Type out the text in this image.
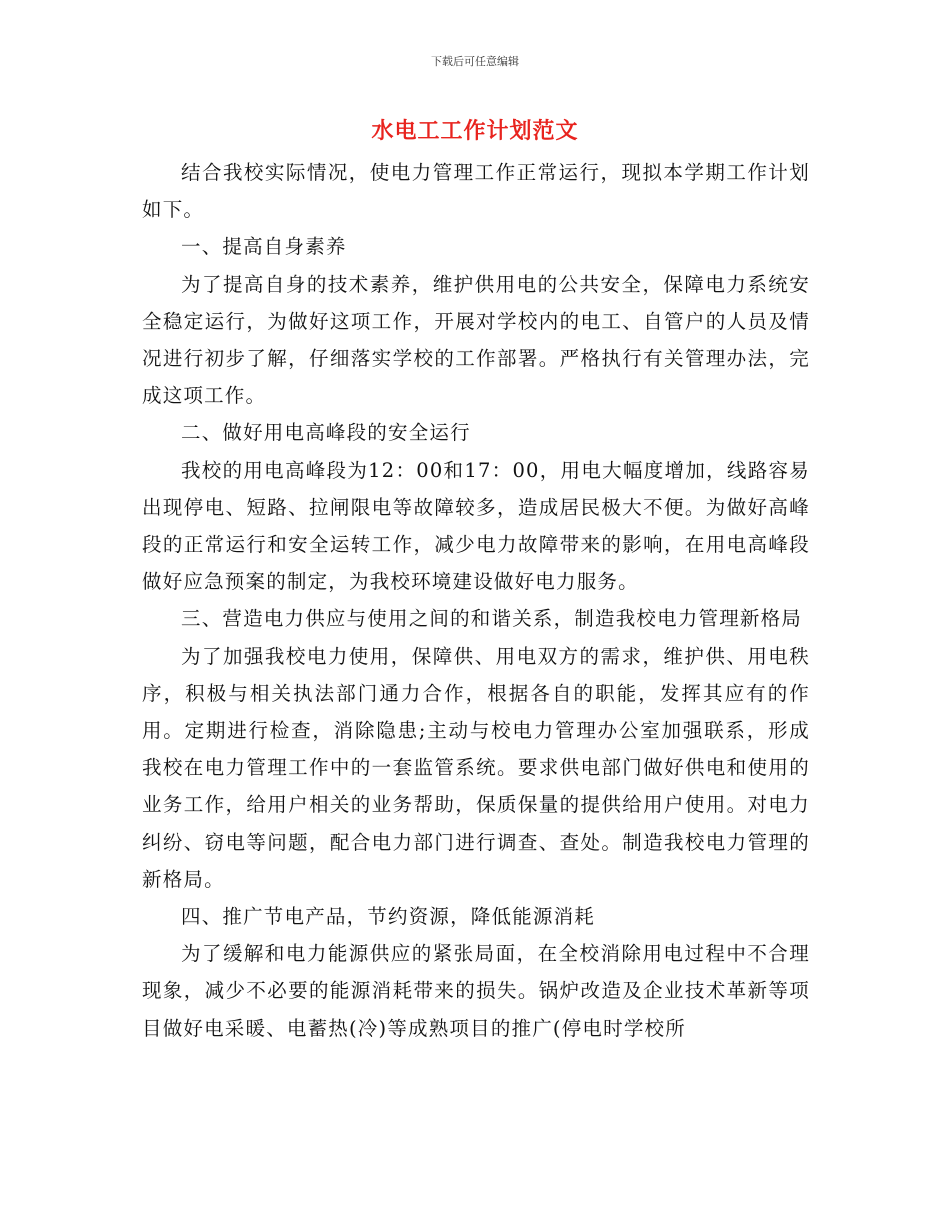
下载后可任意编辑
水电工工作计划范文

结合我校实际情况，使电力管理工作正常运行，现拟本学期工作计划如下。

一、提高自身素养

为了提高自身的技术素养，维护供用电的公共安全，保障电力系统安全稳定运行，为做好这项工作，开展对学校内的电工、自管户的人员及情况进行初步了解，仔细落实学校的工作部署。严格执行有关管理办法，完成这项工作。

二、做好用电高峰段的安全运行

我校的用电高峰段为12：00和17：00，用电大幅度增加，线路容易出现停电、短路、拉闸限电等故障较多，造成居民极大不便。为做好高峰段的正常运行和安全运转工作，减少电力故障带来的影响，在用电高峰段做好应急预案的制定，为我校环境建设做好电力服务。

三、营造电力供应与使用之间的和谐关系，制造我校电力管理新格局

为了加强我校电力使用，保障供、用电双方的需求，维护供、用电秩序，积极与相关执法部门通力合作，根据各自的职能，发挥其应有的作用。定期进行检查，消除隐患;主动与校电力管理办公室加强联系，形成我校在电力管理工作中的一套监管系统。要求供电部门做好供电和使用的业务工作，给用户相关的业务帮助，保质保量的提供给用户使用。对电力纠纷、窃电等问题，配合电力部门进行调查、查处。制造我校电力管理的新格局。

四、推广节电产品，节约资源，降低能源消耗

为了缓解和电力能源供应的紧张局面，在全校消除用电过程中不合理现象，减少不必要的能源消耗带来的损失。锅炉改造及企业技术革新等项目做好电采暖、电蓄热(冷)等成熟项目的推广(停电时学校所
